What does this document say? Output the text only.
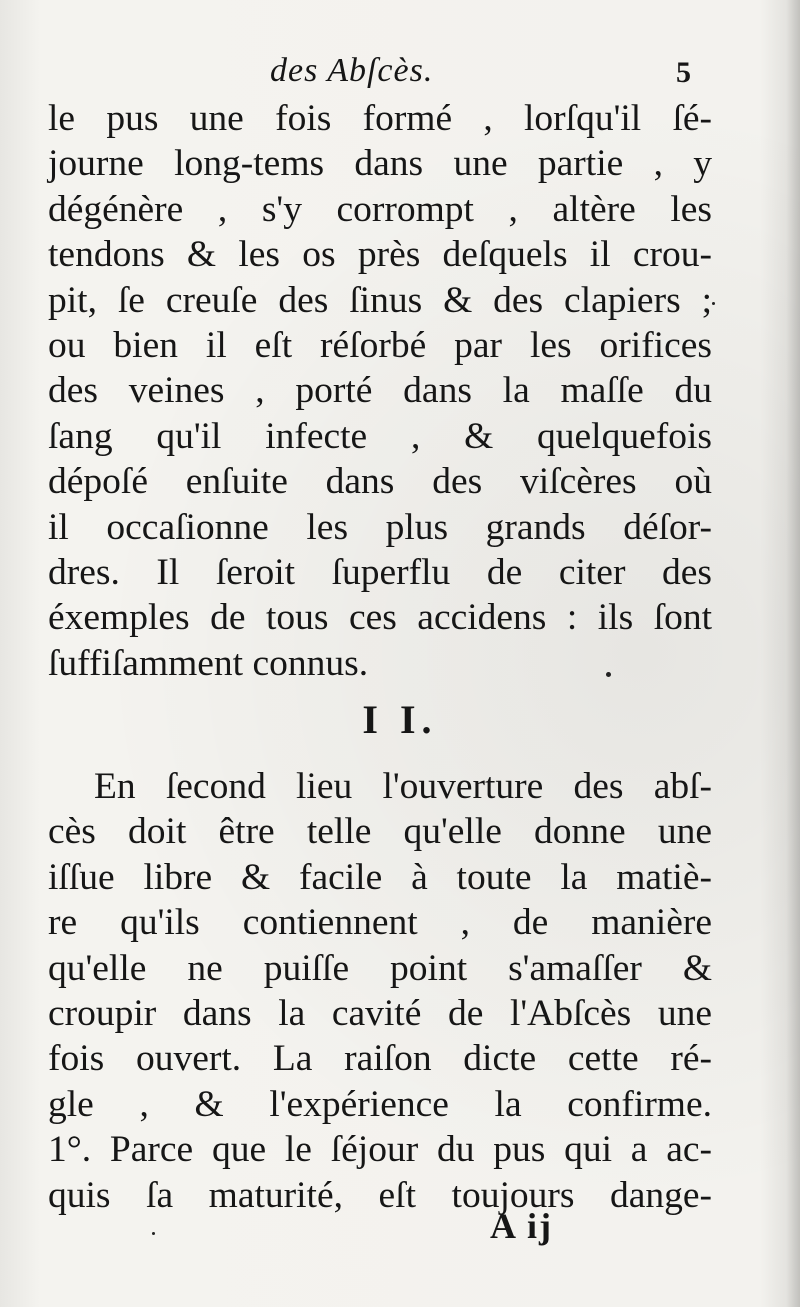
des Abſcès.	5
le pus une fois formé , lorſqu'il ſé-
journe long-tems dans une partie , y
dégénère , s'y corrompt , altère les
tendons & les os près deſquels il crou-
pit, ſe creuſe des ſinus & des clapiers ;
ou bien il eſt réſorbé par les orifices
des veines , porté dans la maſſe du
ſang qu'il infecte , & quelquefois
dépoſé enſuite dans des viſcères où
il occaſionne les plus grands déſor-
dres. Il ſeroit ſuperflu de citer des
éxemples de tous ces accidens : ils ſont
ſuffiſamment connus.
I I.
En ſecond lieu l'ouverture des abſ-
cès doit être telle qu'elle donne une
iſſue libre & facile à toute la matiè-
re qu'ils contiennent , de manière
qu'elle ne puiſſe point s'amaſſer &
croupir dans la cavité de l'Abſcès une
fois ouvert. La raiſon dicte cette ré-
gle , & l'expérience la confirme.
1°. Parce que le ſéjour du pus qui a ac-
quis ſa maturité, eſt toujours dange-
A ij
